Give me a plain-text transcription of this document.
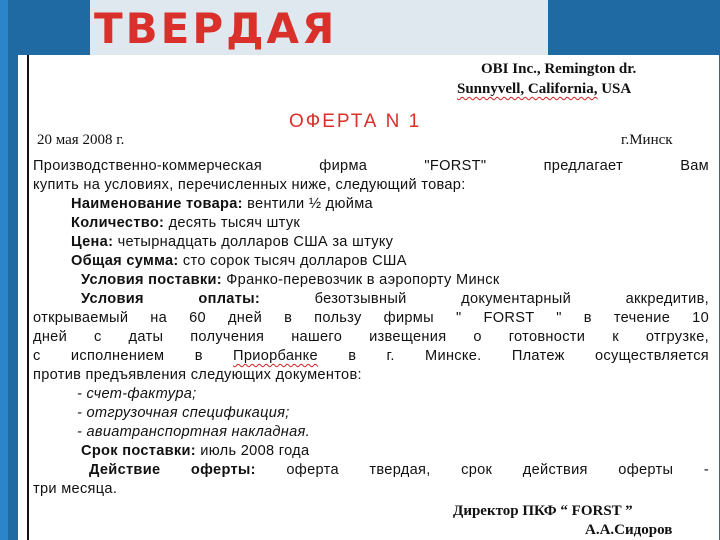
ТВЕРДАЯ
OBI Inc., Remington dr.
Sunnyvell, California, USA
ОФЕРТА N 1
20 мая 2008 г.	г.Минск
Производственно-коммерческая фирма "FORST" предлагает Вам
купить на условиях, перечисленных ниже, следующий товар:
Наименование товара: вентили ½ дюйма
Количество: десять тысяч штук
Цена: четырнадцать долларов США за штуку
Общая сумма: сто сорок тысяч долларов США
Условия поставки: Франко-перевозчик в аэропорту Минск
Условия оплаты: безотзывный документарный аккредитив,
открываемый на 60 дней в пользу фирмы " FORST " в течение 10
дней с даты получения нашего извещения о готовности к отгрузке,
с исполнением в Приорбанке в г. Минске. Платеж осуществляется
против предъявления следующих документов:
- счет-фактура;
- отгрузочная спецификация;
- авиатранспортная накладная.
Срок поставки: июль 2008 года
Действие оферты: оферта твердая, срок действия оферты -
три месяца.
Директор ПКФ “ FORST ”
А.А.Сидоров
